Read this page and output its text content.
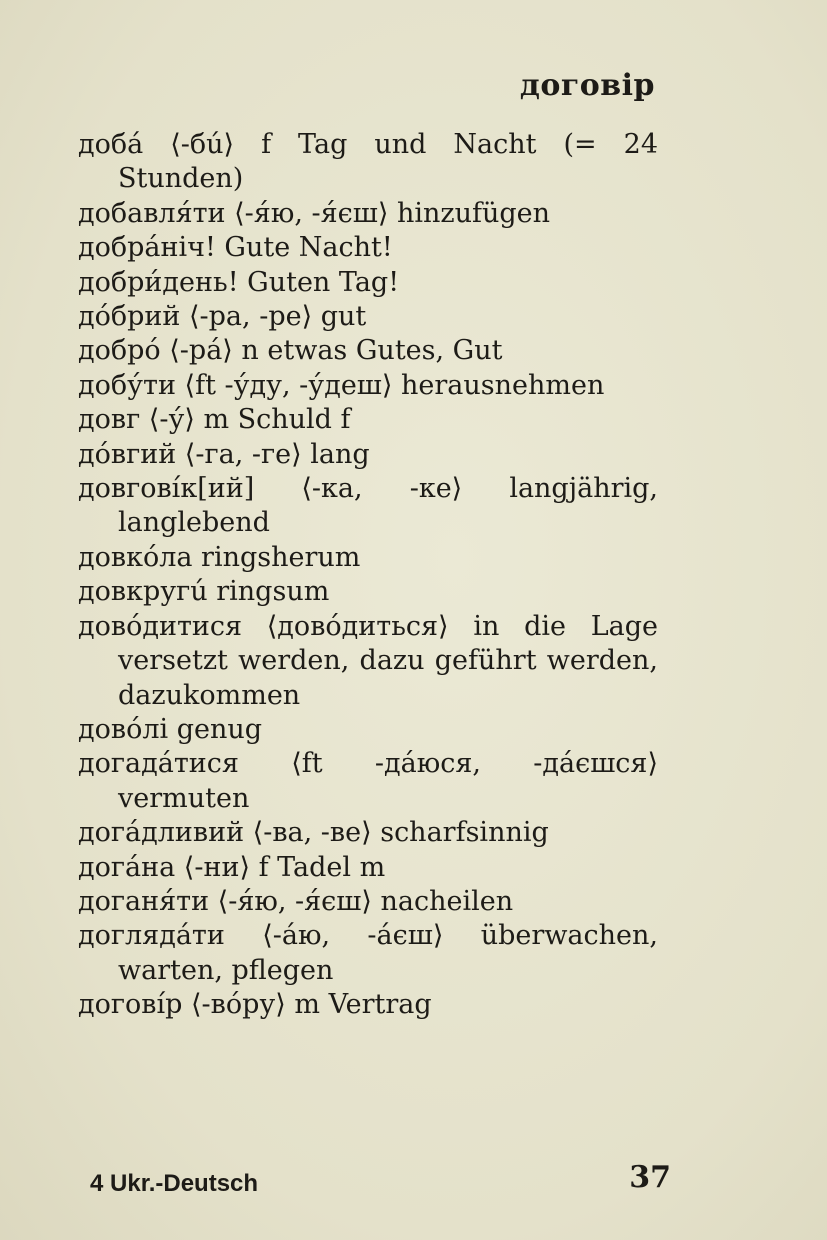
договір
добá ⟨-бú⟩ f Tag und Nacht (= 24 Stunden)
добавля́ти ⟨-я́ю, -я́єш⟩ hinzufügen
добра́ніч! Gute Nacht!
добри́день! Guten Tag!
до́брий ⟨-ра, -ре⟩ gut
добро́ ⟨-ра́⟩ n etwas Gutes, Gut
добу́ти ⟨ft -у́ду, -у́деш⟩ herausnehmen
довг ⟨-у́⟩ m Schuld f
до́вгий ⟨-га, -ге⟩ lang
довговíк[ий] ⟨-ка, -ке⟩ langjährig, langlebend
довко́ла ringsherum
довкругú ringsum
дово́дитися ⟨дово́диться⟩ in die Lage versetzt werden, dazu geführt werden, dazukommen
дово́лі genug
догада́тися ⟨ft -да́юся, -да́єшся⟩ vermuten
дога́дливий ⟨-ва, -ве⟩ scharfsinnig
дога́на ⟨-ни⟩ f Tadel m
доганя́ти ⟨-я́ю, -я́єш⟩ nacheilen
доглядáти ⟨-áю, -áєш⟩ überwachen, warten, pflegen
договíр ⟨-во́ру⟩ m Vertrag
4 Ukr.-Deutsch	37
